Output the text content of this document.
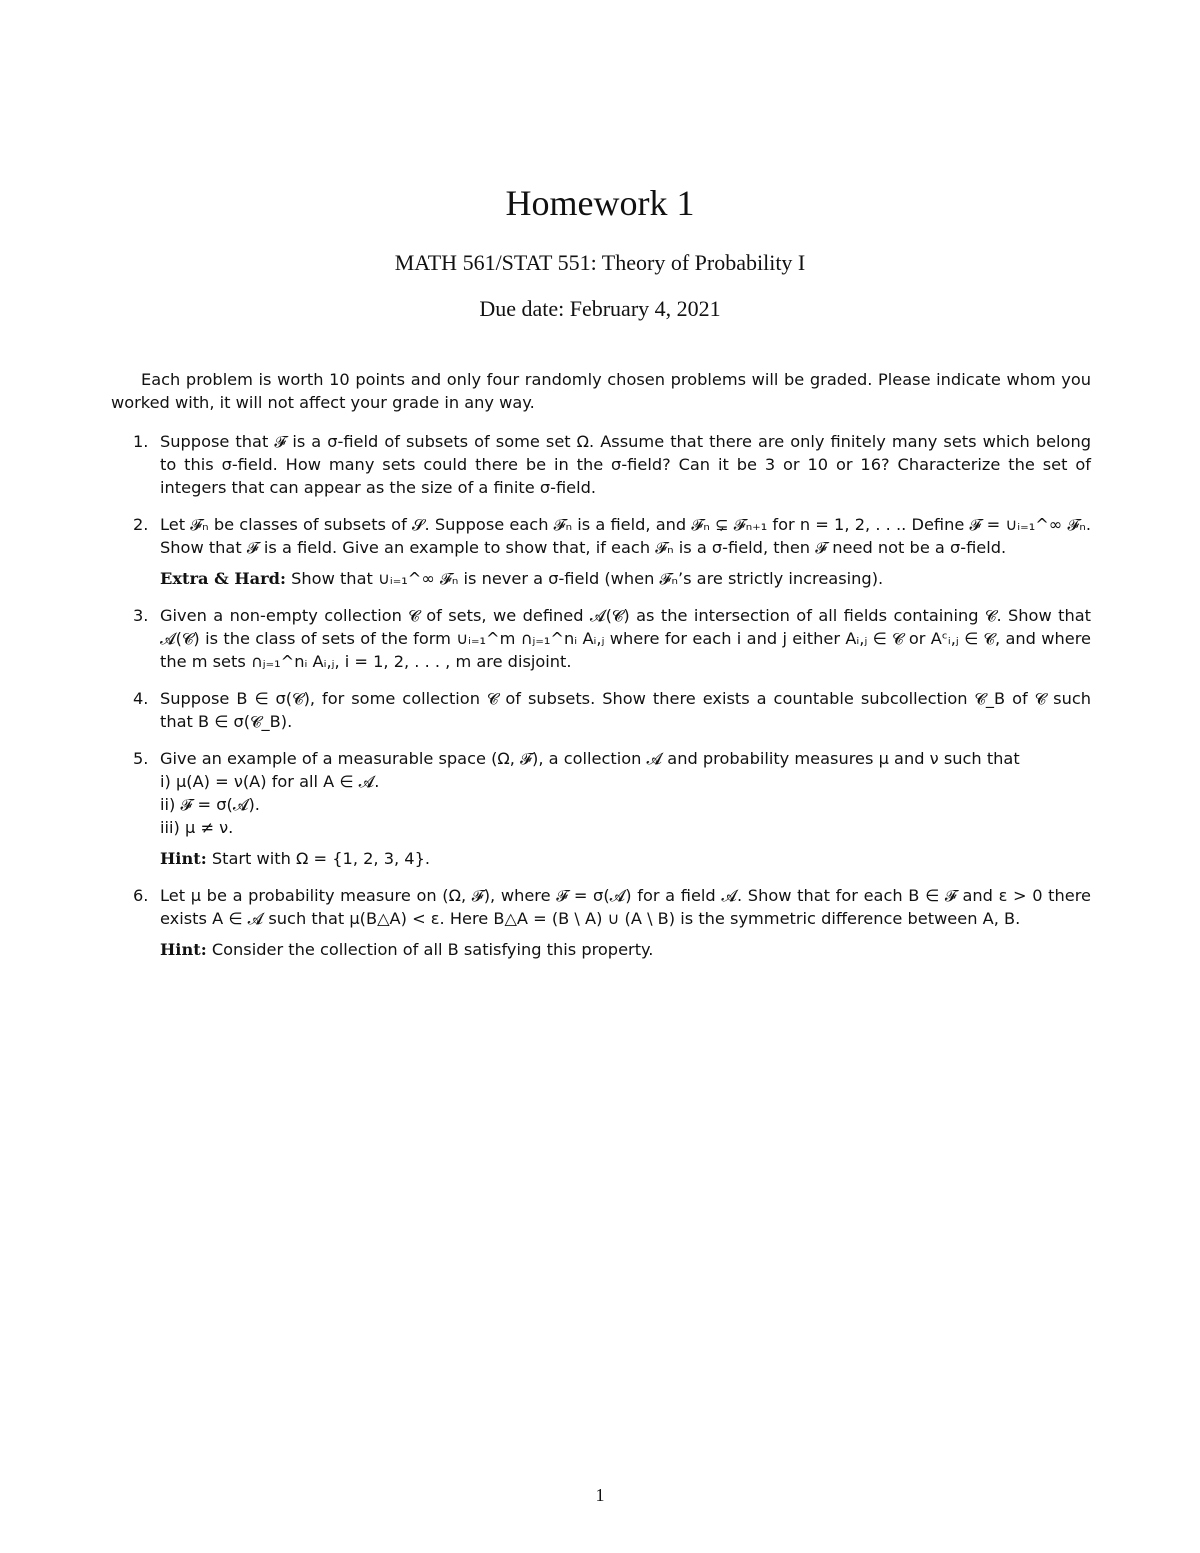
Homework 1
MATH 561/STAT 551: Theory of Probability I
Due date: February 4, 2021

Each problem is worth 10 points and only four randomly chosen problems will be graded. Please indicate whom you worked with, it will not affect your grade in any way.

1. Suppose that 𝓕 is a σ-field of subsets of some set Ω. Assume that there are only finitely many sets which belong to this σ-field. How many sets could there be in the σ-field? Can it be 3 or 10 or 16? Characterize the set of integers that can appear as the size of a finite σ-field.

2. Let 𝓕ₙ be classes of subsets of 𝓢. Suppose each 𝓕ₙ is a field, and 𝓕ₙ ⊊ 𝓕ₙ₊₁ for n = 1, 2, . . .. Define 𝓕 = ∪ᵢ₌₁^∞ 𝓕ₙ. Show that 𝓕 is a field. Give an example to show that, if each 𝓕ₙ is a σ-field, then 𝓕 need not be a σ-field.

Extra & Hard: Show that ∪ᵢ₌₁^∞ 𝓕ₙ is never a σ-field (when 𝓕ₙ’s are strictly increasing).

3. Given a non-empty collection 𝓒 of sets, we defined 𝓐(𝓒) as the intersection of all fields containing 𝓒. Show that 𝓐(𝓒) is the class of sets of the form ∪ᵢ₌₁^m ∩ⱼ₌₁^nᵢ Aᵢ,ⱼ where for each i and j either Aᵢ,ⱼ ∈ 𝓒 or Aᶜᵢ,ⱼ ∈ 𝓒, and where the m sets ∩ⱼ₌₁^nᵢ Aᵢ,ⱼ, i = 1, 2, . . . , m are disjoint.

4. Suppose B ∈ σ(𝓒), for some collection 𝓒 of subsets. Show there exists a countable subcollection 𝓒_B of 𝓒 such that B ∈ σ(𝓒_B).

5. Give an example of a measurable space (Ω, 𝓕), a collection 𝓐 and probability measures μ and ν such that

i) μ(A) = ν(A) for all A ∈ 𝓐.

ii) 𝓕 = σ(𝓐).

iii) μ ≠ ν.

Hint: Start with Ω = {1, 2, 3, 4}.

6. Let μ be a probability measure on (Ω, 𝓕), where 𝓕 = σ(𝓐) for a field 𝓐. Show that for each B ∈ 𝓕 and ε > 0 there exists A ∈ 𝓐 such that μ(B△A) < ε. Here B△A = (B \ A) ∪ (A \ B) is the symmetric difference between A, B.

Hint: Consider the collection of all B satisfying this property.

1
